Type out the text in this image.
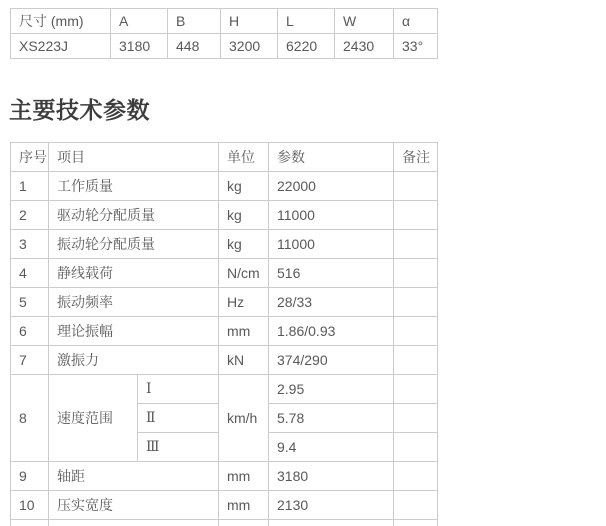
尺寸 (mm)	A	B	H	L	W	α
XS223J	3180	448	3200	6220	2430	33°
主要技术参数
序号	项目		单位	参数	备注
1	工作质量		kg	22000	
2	驱动轮分配质量		kg	11000	
3	振动轮分配质量		kg	11000	
4	静线载荷		N/cm	516	
5	振动频率		Hz	28/33	
6	理论振幅		mm	1.86/0.93	
7	激振力		kN	374/290	
8	速度范围	Ⅰ	km/h	2.95	
		Ⅱ		5.78	
		Ⅲ		9.4	
9	轴距		mm	3180	
10	压实宽度		mm	2130	
